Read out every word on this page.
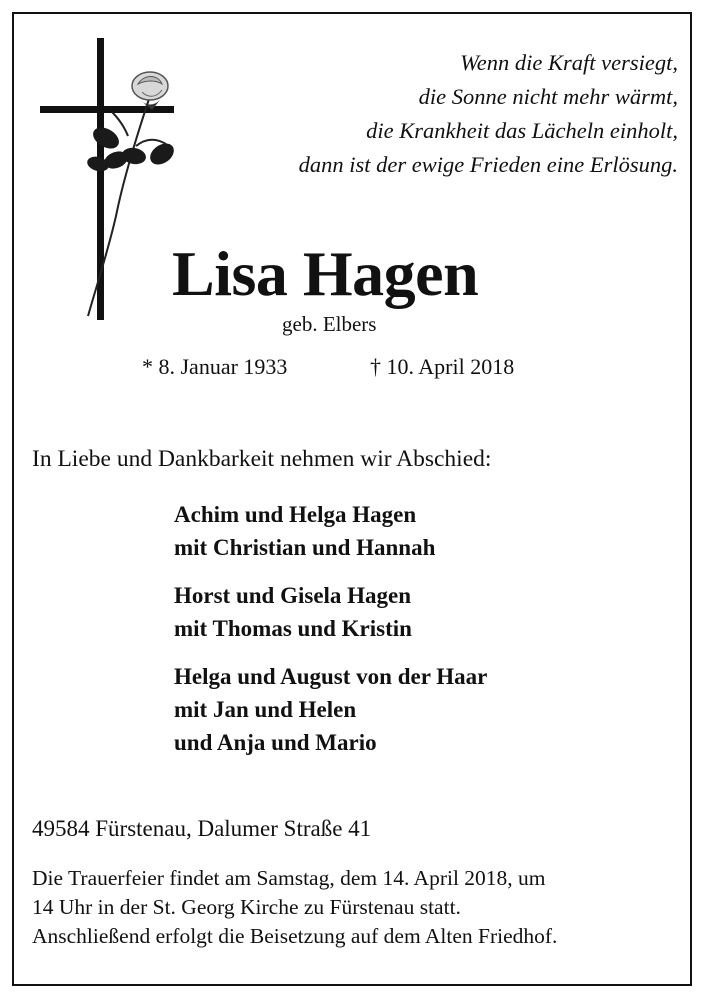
Wenn die Kraft versiegt,
die Sonne nicht mehr wärmt,
die Krankheit das Lächeln einholt,
dann ist der ewige Frieden eine Erlösung.
Lisa Hagen
geb. Elbers
* 8. Januar 1933	† 10. April 2018
In Liebe und Dankbarkeit nehmen wir Abschied:
Achim und Helga Hagen
mit Christian und Hannah
Horst und Gisela Hagen
mit Thomas und Kristin
Helga und August von der Haar
mit Jan und Helen
und Anja und Mario
49584 Fürstenau, Dalumer Straße 41
Die Trauerfeier findet am Samstag, dem 14. April 2018, um
14 Uhr in der St. Georg Kirche zu Fürstenau statt.
Anschließend erfolgt die Beisetzung auf dem Alten Friedhof.
